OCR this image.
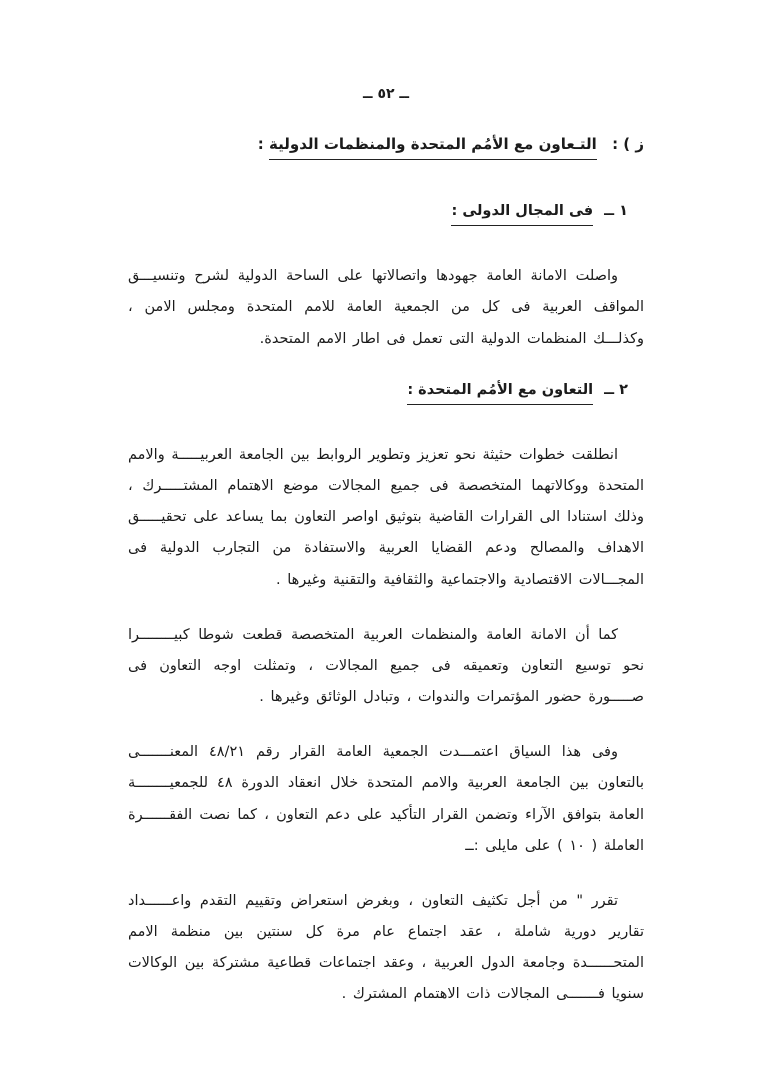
ــ ٥٢ ــ
ز ) : التـعاون مع الأمُم المتحدة والمنظمات الدولية :
١ ــ فى المجال الدولى :

واصلت الامانة العامة جهودها واتصالاتها على الساحة الدولية لشرح وتنسيـــق المواقف العربية فى كل من الجمعية العامة للامم المتحدة ومجلس الامن ، وكذلـــك المنظمات الدولية التى تعمل فى اطار الامم المتحدة.

٢ ــ التعاون مع الأمُم المتحدة :

انطلقت خطوات حثيثة نحو تعزيز وتطوير الروابط بين الجامعة العربيـــــة والامم المتحدة ووكالاتهما المتخصصة فى جميع المجالات موضع الاهتمام المشتـــــرك ، وذلك استنادا الى القرارات القاضية بتوثيق اواصر التعاون بما يساعد على تحقيـــــق الاهداف والمصالح ودعم القضايا العربية والاستفادة من التجارب الدولية فى المجـــالات الاقتصادية والاجتماعية والثقافية والتقنية وغيرها .

كما أن الامانة العامة والمنظمات العربية المتخصصة قطعت شوطا كبيــــــــرا نحو توسيع التعاون وتعميقه فى جميع المجالات ، وتمثلت اوجه التعاون فى صـــــورة حضور المؤتمرات والندوات ، وتبادل الوثائق وغيرها .

وفى هذا السياق اعتمـــدت الجمعية العامة القرار رقم ٤٨/٢١ المعنـــــــى بالتعاون بين الجامعة العربية والامم المتحدة خلال انعقاد الدورة ٤٨ للجمعيــــــــة العامة بتوافق الآراء وتضمن القرار التأكيد على دعم التعاون ، كما نصت الفقــــــرة العاملة ( ١٠ ) على مايلى :ــ

تقرر " من أجل تكثيف التعاون ، وبغرض استعراض وتقييم التقدم واعــــــداد تقارير دورية شاملة ، عقد اجتماع عام مرة كل سنتين بين منظمة الامم المتحــــــدة وجامعة الدول العربية ، وعقد اجتماعات قطاعية مشتركة بين الوكالات سنويا فـــــــى المجالات ذات الاهتمام المشترك .
